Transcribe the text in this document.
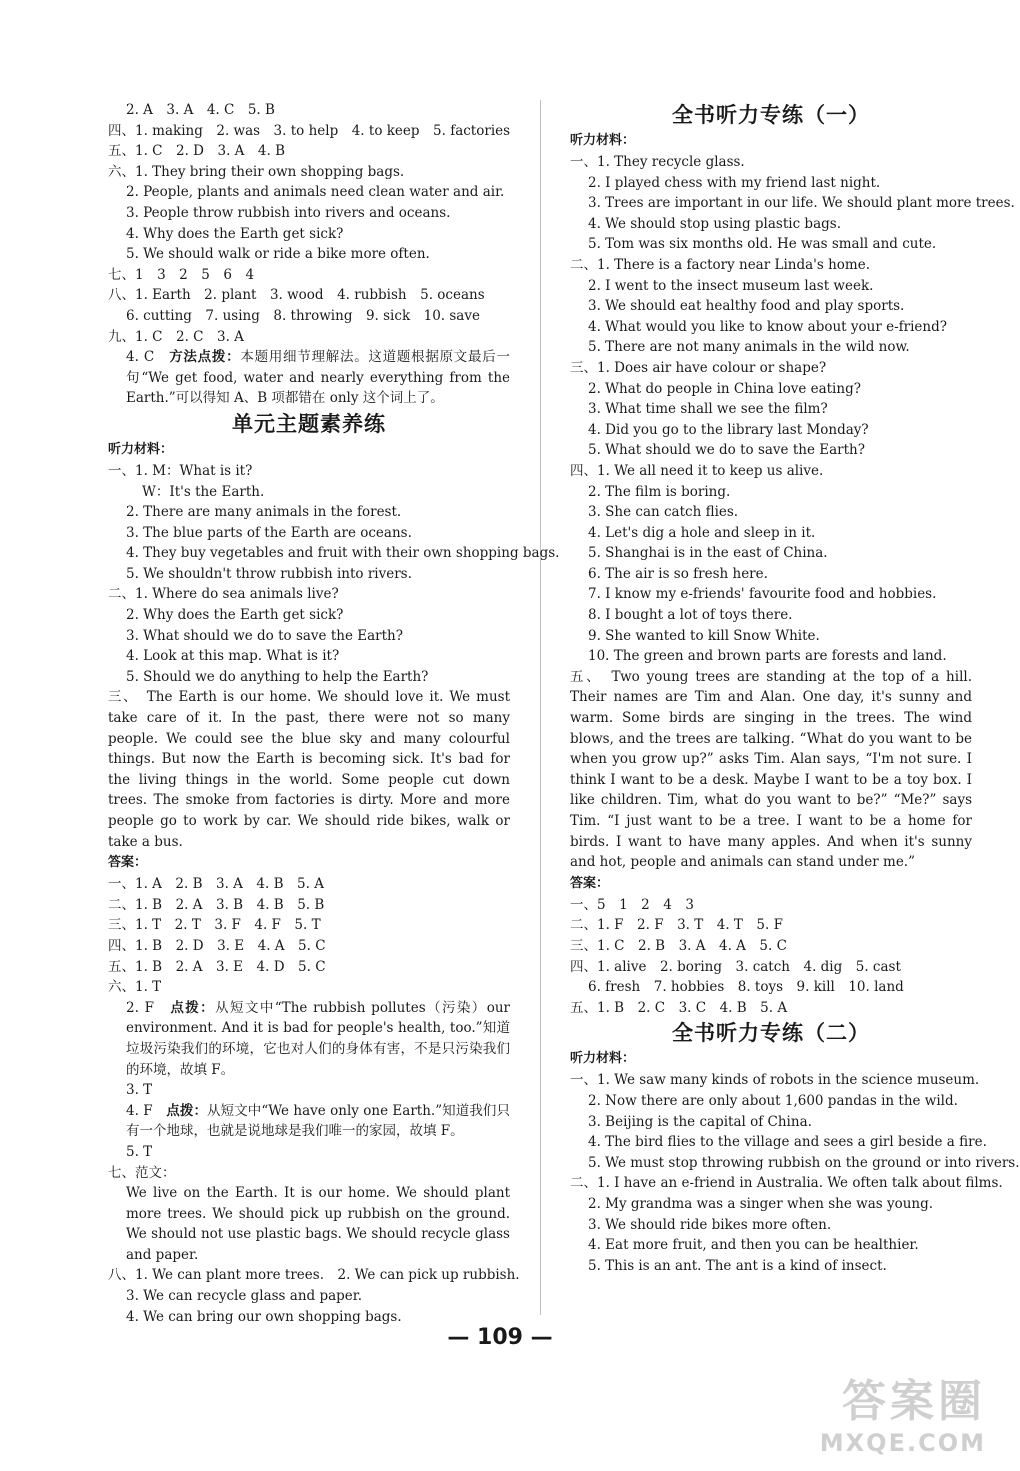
2. A　3. A　4. C　5. B
四、1. making　2. was　3. to help　4. to keep　5. factories
五、1. C　2. D　3. A　4. B
六、1. They bring their own shopping bags.
2. People, plants and animals need clean water and air.
3. People throw rubbish into rivers and oceans.
4. Why does the Earth get sick?
5. We should walk or ride a bike more often.
七、1　3　2　5　6　4
八、1. Earth　2. plant　3. wood　4. rubbish　5. oceans
6. cutting　7. using　8. throwing　9. sick　10. save
九、1. C　2. C　3. A
4. C　方法点拨：本题用细节理解法。这道题根据原文最后一句“We get food, water and nearly everything from the Earth.”可以得知 A、B 项都错在 only 这个词上了。
单元主题素养练
听力材料：
一、1. M：What is it?
W：It's the Earth.
2. There are many animals in the forest.
3. The blue parts of the Earth are oceans.
4. They buy vegetables and fruit with their own shopping bags.
5. We shouldn't throw rubbish into rivers.
二、1. Where do sea animals live?
2. Why does the Earth get sick?
3. What should we do to save the Earth?
4. Look at this map. What is it?
5. Should we do anything to help the Earth?
三、　The Earth is our home. We should love it. We must take care of it. In the past, there were not so many people. We could see the blue sky and many colourful things. But now the Earth is becoming sick. It's bad for the living things in the world. Some people cut down trees. The smoke from factories is dirty. More and more people go to work by car. We should ride bikes, walk or take a bus.
答案：
一、1. A　2. B　3. A　4. B　5. A
二、1. B　2. A　3. B　4. B　5. B
三、1. T　2. T　3. F　4. F　5. T
四、1. B　2. D　3. E　4. A　5. C
五、1. B　2. A　3. E　4. D　5. C
六、1. T
2. F　点拨：从短文中“The rubbish pollutes（污染）our environment. And it is bad for people's health, too.”知道垃圾污染我们的环境，它也对人们的身体有害，不是只污染我们的环境，故填 F。
3. T
4. F　点拨：从短文中“We have only one Earth.”知道我们只有一个地球，也就是说地球是我们唯一的家园，故填 F。
5. T
七、范文：
We live on the Earth. It is our home. We should plant more trees. We should pick up rubbish on the ground. We should not use plastic bags. We should recycle glass and paper.
八、1. We can plant more trees.　2. We can pick up rubbish.
3. We can recycle glass and paper.
4. We can bring our own shopping bags.
全书听力专练（一）
听力材料：
一、1. They recycle glass.
2. I played chess with my friend last night.
3. Trees are important in our life. We should plant more trees.
4. We should stop using plastic bags.
5. Tom was six months old. He was small and cute.
二、1. There is a factory near Linda's home.
2. I went to the insect museum last week.
3. We should eat healthy food and play sports.
4. What would you like to know about your e-friend?
5. There are not many animals in the wild now.
三、1. Does air have colour or shape?
2. What do people in China love eating?
3. What time shall we see the film?
4. Did you go to the library last Monday?
5. What should we do to save the Earth?
四、1. We all need it to keep us alive.
2. The film is boring.
3. She can catch flies.
4. Let's dig a hole and sleep in it.
5. Shanghai is in the east of China.
6. The air is so fresh here.
7. I know my e-friends' favourite food and hobbies.
8. I bought a lot of toys there.
9. She wanted to kill Snow White.
10. The green and brown parts are forests and land.
五、　Two young trees are standing at the top of a hill. Their names are Tim and Alan. One day, it's sunny and warm. Some birds are singing in the trees. The wind blows, and the trees are talking. “What do you want to be when you grow up?” asks Tim. Alan says, “I'm not sure. I think I want to be a desk. Maybe I want to be a toy box. I like children. Tim, what do you want to be?” “Me?” says Tim. “I just want to be a tree. I want to be a home for birds. I want to have many apples. And when it's sunny and hot, people and animals can stand under me.”
答案：
一、5　1　2　4　3
二、1. F　2. F　3. T　4. T　5. F
三、1. C　2. B　3. A　4. A　5. C
四、1. alive　2. boring　3. catch　4. dig　5. cast
6. fresh　7. hobbies　8. toys　9. kill　10. land
五、1. B　2. C　3. C　4. B　5. A
全书听力专练（二）
听力材料：
一、1. We saw many kinds of robots in the science museum.
2. Now there are only about 1,600 pandas in the wild.
3. Beijing is the capital of China.
4. The bird flies to the village and sees a girl beside a fire.
5. We must stop throwing rubbish on the ground or into rivers.
二、1. I have an e-friend in Australia. We often talk about films.
2. My grandma was a singer when she was young.
3. We should ride bikes more often.
4. Eat more fruit, and then you can be healthier.
5. This is an ant. The ant is a kind of insect.
— 109 —
答案圈
MXQE.COM
